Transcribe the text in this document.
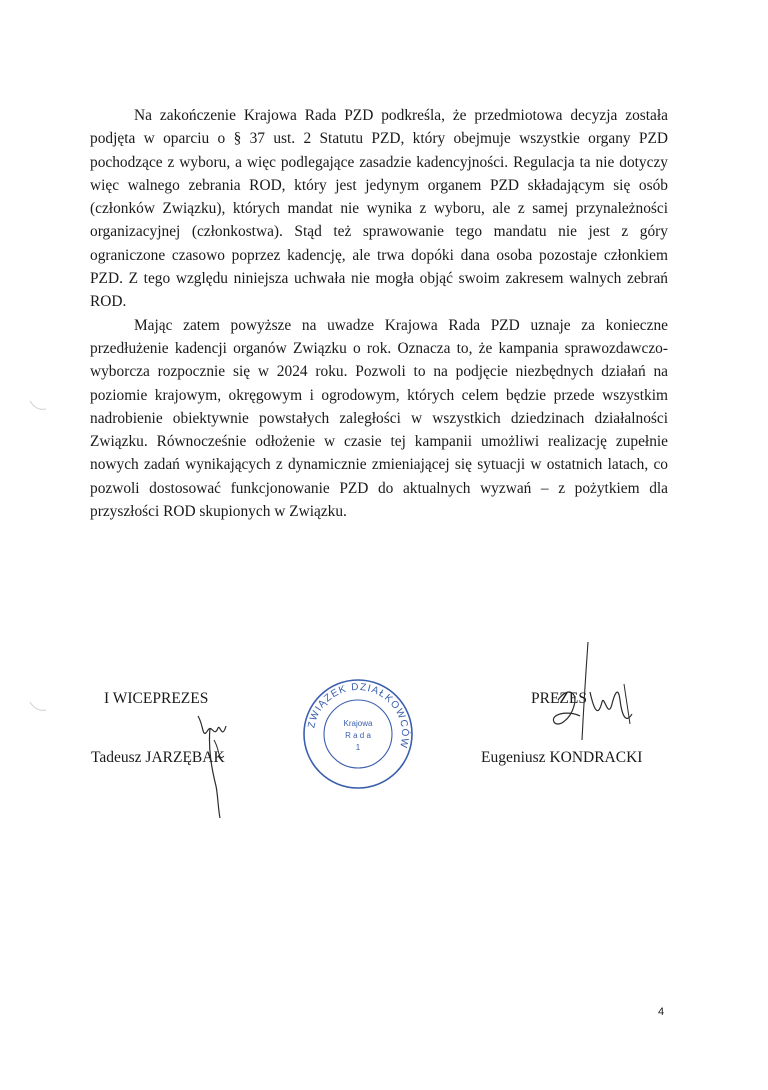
Na zakończenie Krajowa Rada PZD podkreśla, że przedmiotowa decyzja została podjęta w oparciu o § 37 ust. 2 Statutu PZD, który obejmuje wszystkie organy PZD pochodzące z wyboru, a więc podlegające zasadzie kadencyjności. Regulacja ta nie dotyczy więc walnego zebrania ROD, który jest jedynym organem PZD składającym się osób (członków Związku), których mandat nie wynika z wyboru, ale z samej przynależności organizacyjnej (członkostwa). Stąd też sprawowanie tego mandatu nie jest z góry ograniczone czasowo poprzez kadencję, ale trwa dopóki dana osoba pozostaje członkiem PZD. Z tego względu niniejsza uchwała nie mogła objąć swoim zakresem walnych zebrań ROD.

Mając zatem powyższe na uwadze Krajowa Rada PZD uznaje za konieczne przedłużenie kadencji organów Związku o rok. Oznacza to, że kampania sprawozdawczo-wyborcza rozpocznie się w 2024 roku. Pozwoli to na podjęcie niezbędnych działań na poziomie krajowym, okręgowym i ogrodowym, których celem będzie przede wszystkim nadrobienie obiektywnie powstałych zaległości w wszystkich dziedzinach działalności Związku. Równocześnie odłożenie w czasie tej kampanii umożliwi realizację zupełnie nowych zadań wynikających z dynamicznie zmieniającej się sytuacji w ostatnich latach, co pozwoli dostosować funkcjonowanie PZD do aktualnych wyzwań – z pożytkiem dla przyszłości ROD skupionych w Związku.

I WICEPREZES
Tadeusz JARZĘBAK
ZWIĄZEK DZIAŁKOWCÓW
Krajowa
R a d a
1
PREZES
Eugeniusz KONDRACKI
4
